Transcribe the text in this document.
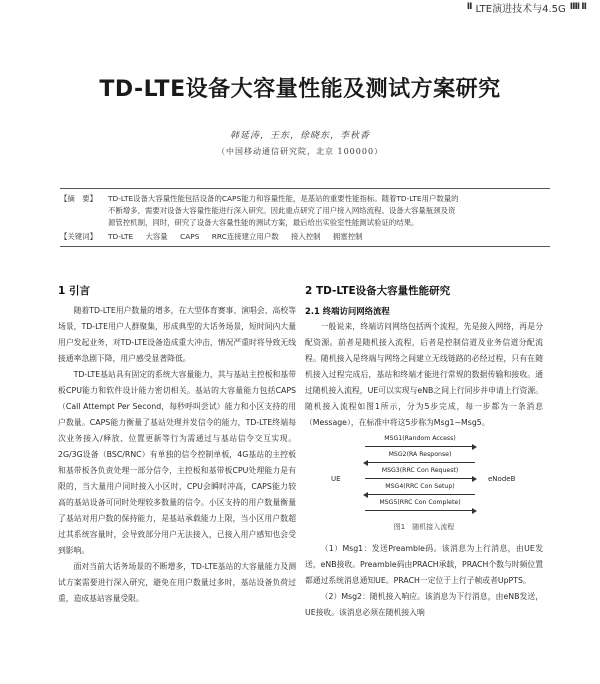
II LTE演进技术与4.5G IIII II
TD-LTE设备大容量性能及测试方案研究
韩延涛，王东，徐晓东，李秋香
（中国移动通信研究院，北京 100000）
【摘　要】	TD-LTE设备大容量性能包括设备的CAPS能力和容量性能，是基站的重要性能指标。随着TD-LTE用户数量的
不断增多，需要对设备大容量性能进行深入研究。因此重点研究了用户接入网络流程、设备大容量瓶颈及资
源管控机制，同时，研究了设备大容量性能的测试方案，最后给出实验室性能测试验证的结果。
【关键词】	TD-LTE 大容量 CAPS RRC连接建立用户数 接入控制 拥塞控制
1 引言

随着TD-LTE用户数量的增多，在大型体育赛事、演唱会、高校等场景，TD-LTE用户人群聚集，形成典型的大话务场景，短时间内大量用户发起业务，对TD-LTE设备造成重大冲击，情况严重时将导致无线接通率急剧下降，用户感受显著降低。

TD-LTE基站具有固定的系统大容量能力，其与基站主控板和基带板CPU能力和软件设计能力密切相关。基站的大容量能力包括CAPS（Call Attempt Per Second，每秒呼叫尝试）能力和小区支持的用户数量。CAPS能力衡量了基站处理并发信令的能力，TD-LTE终端每次业务接入/释放、位置更新等行为需通过与基站信令交互实现。2G/3G设备（BSC/RNC）有单独的信令控制单板，4G基站的主控板和基带板各负责处理一部分信令，主控板和基带板CPU处理能力是有限的，当大量用户同时接入小区时，CPU会瞬时冲高，CAPS能力较高的基站设备可同时处理较多数量的信令。小区支持的用户数量衡量了基站对用户数的保持能力，是基站承载能力上限，当小区用户数超过其系统容量时，会导致部分用户无法接入，已接入用户感知也会受到影响。

面对当前大话务场景的不断增多，TD-LTE基站的大容量能力及测试方案需要进行深入研究，避免在用户数量过多时，基站设备负荷过重，造成基站容量受限。

2 TD-LTE设备大容量性能研究
2.1 终端访问网络流程

一般说来，终端访问网络包括两个流程，先是接入网络，再是分配资源。前者是随机接入流程，后者是控制信道及业务信道分配流程。随机接入是终端与网络之间建立无线链路的必经过程，只有在随机接入过程完成后，基站和终端才能进行常规的数据传输和接收。通过随机接入流程，UE可以实现与eNB之间上行同步并申请上行资源。随机接入流程如图1所示，分为5步完成，每一步都为一条消息（Message），在标准中将这5步称为Msg1~Msg5。

UE	eNodeB
MSG1(Random Access)
MSG2(RA Response)
MSG3(RRC Con Request)
MSG4(RRC Con Setup)
MSG5(RRC Con Complete)
图1　随机接入流程

（1）Msg1：发送Preamble码。该消息为上行消息，由UE发送，eNB接收。Preamble码由PRACH承载，PRACH个数与时频位置都通过系统消息通知UE。PRACH一定位于上行子帧或者UpPTS。

（2）Msg2：随机接入响应。该消息为下行消息，由eNB发送，UE接收。该消息必须在随机接入响
